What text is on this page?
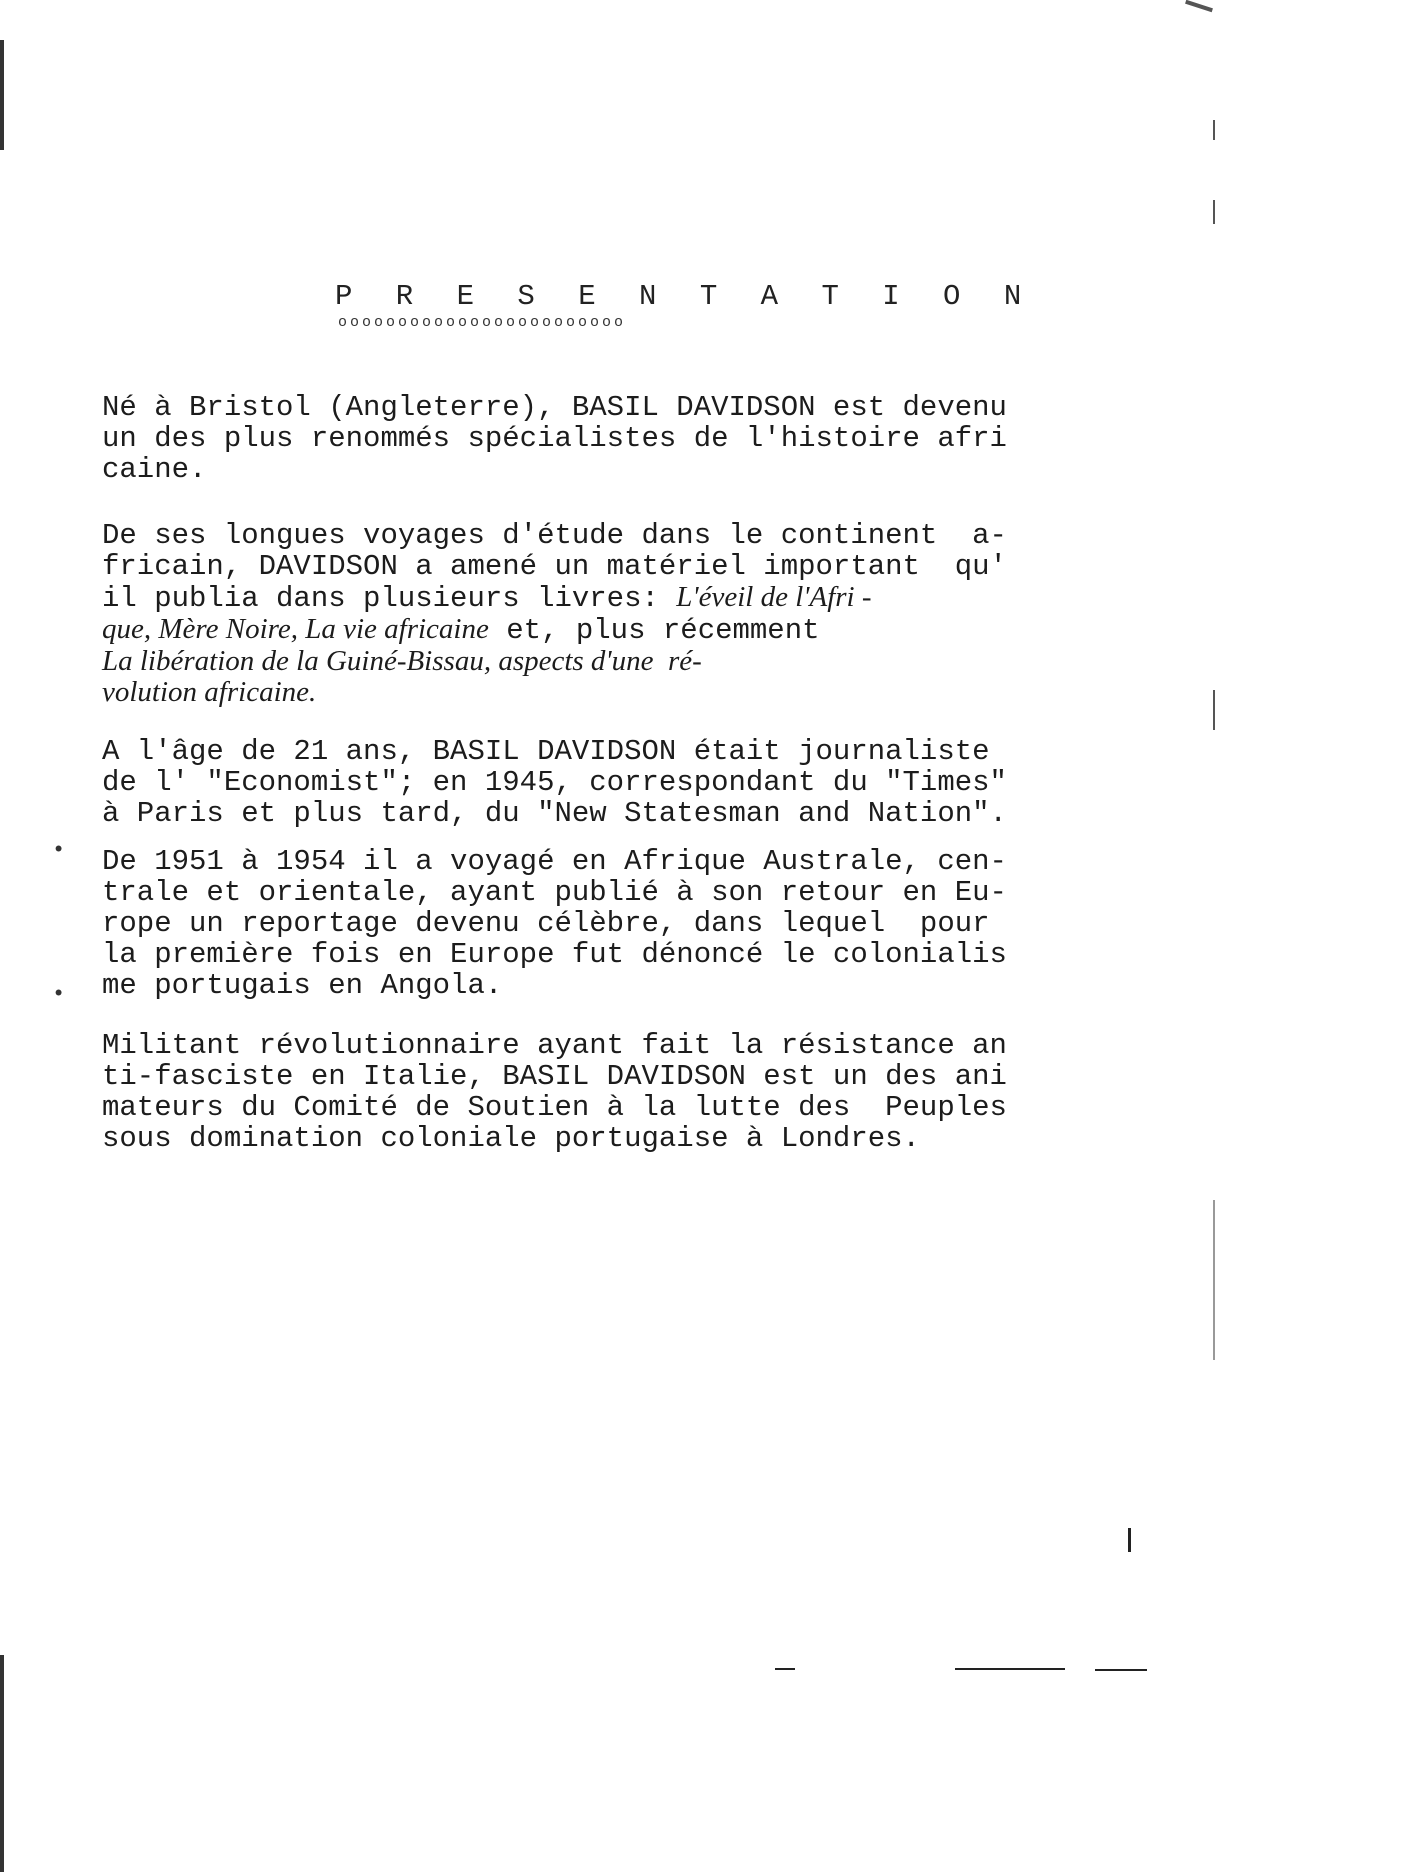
P R E S E N T A T I O N
oooooooooooooooooooooooo
Né à Bristol (Angleterre), BASIL DAVIDSON est devenu
un des plus renommés spécialistes de l'histoire afri
caine.
De ses longues voyages d'étude dans le continent  a-
fricain, DAVIDSON a amené un matériel important  qu'
il publia dans plusieurs livres: L'éveil de l'Afri -
que, Mère Noire, La vie africaine et, plus récemment
La libération de la Guiné-Bissau, aspects d'une  ré-
volution africaine.
A l'âge de 21 ans, BASIL DAVIDSON était journaliste
de l' "Economist"; en 1945, correspondant du "Times"
à Paris et plus tard, du "New Statesman and Nation".
• De 1951 à 1954 il a voyagé en Afrique Australe, cen-
trale et orientale, ayant publié à son retour en Eu-
rope un reportage devenu célèbre, dans lequel  pour
la première fois en Europe fut dénoncé le colonialis
me portugais en Angola.
•
Militant révolutionnaire ayant fait la résistance an
ti-fasciste en Italie, BASIL DAVIDSON est un des ani
mateurs du Comité de Soutien à la lutte des  Peuples
sous domination coloniale portugaise à Londres.
